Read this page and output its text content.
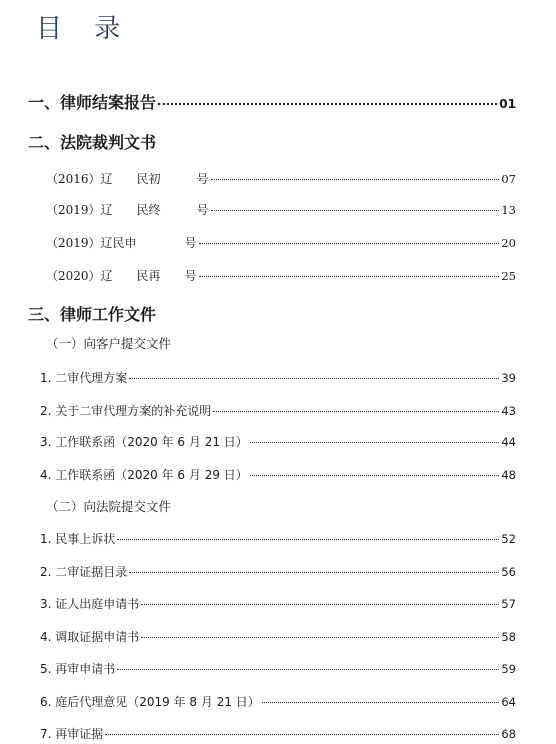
目 录
一、律师结案报告	01
二、法院裁判文书
（2016）辽　　民初　　　号	07
（2019）辽　　民终　　　号	13
（2019）辽民申　　　　号	20
（2020）辽　　民再　　号	25
三、律师工作文件
（一）向客户提交文件
1. 二审代理方案	39
2. 关于二审代理方案的补充说明	43
3. 工作联系函（2020 年 6 月 21 日）	44
4. 工作联系函（2020 年 6 月 29 日）	48
（二）向法院提交文件
1. 民事上诉状	52
2. 二审证据目录	56
3. 证人出庭申请书	57
4. 调取证据申请书	58
5. 再审申请书	59
6. 庭后代理意见（2019 年 8 月 21 日）	64
7. 再审证据	68
